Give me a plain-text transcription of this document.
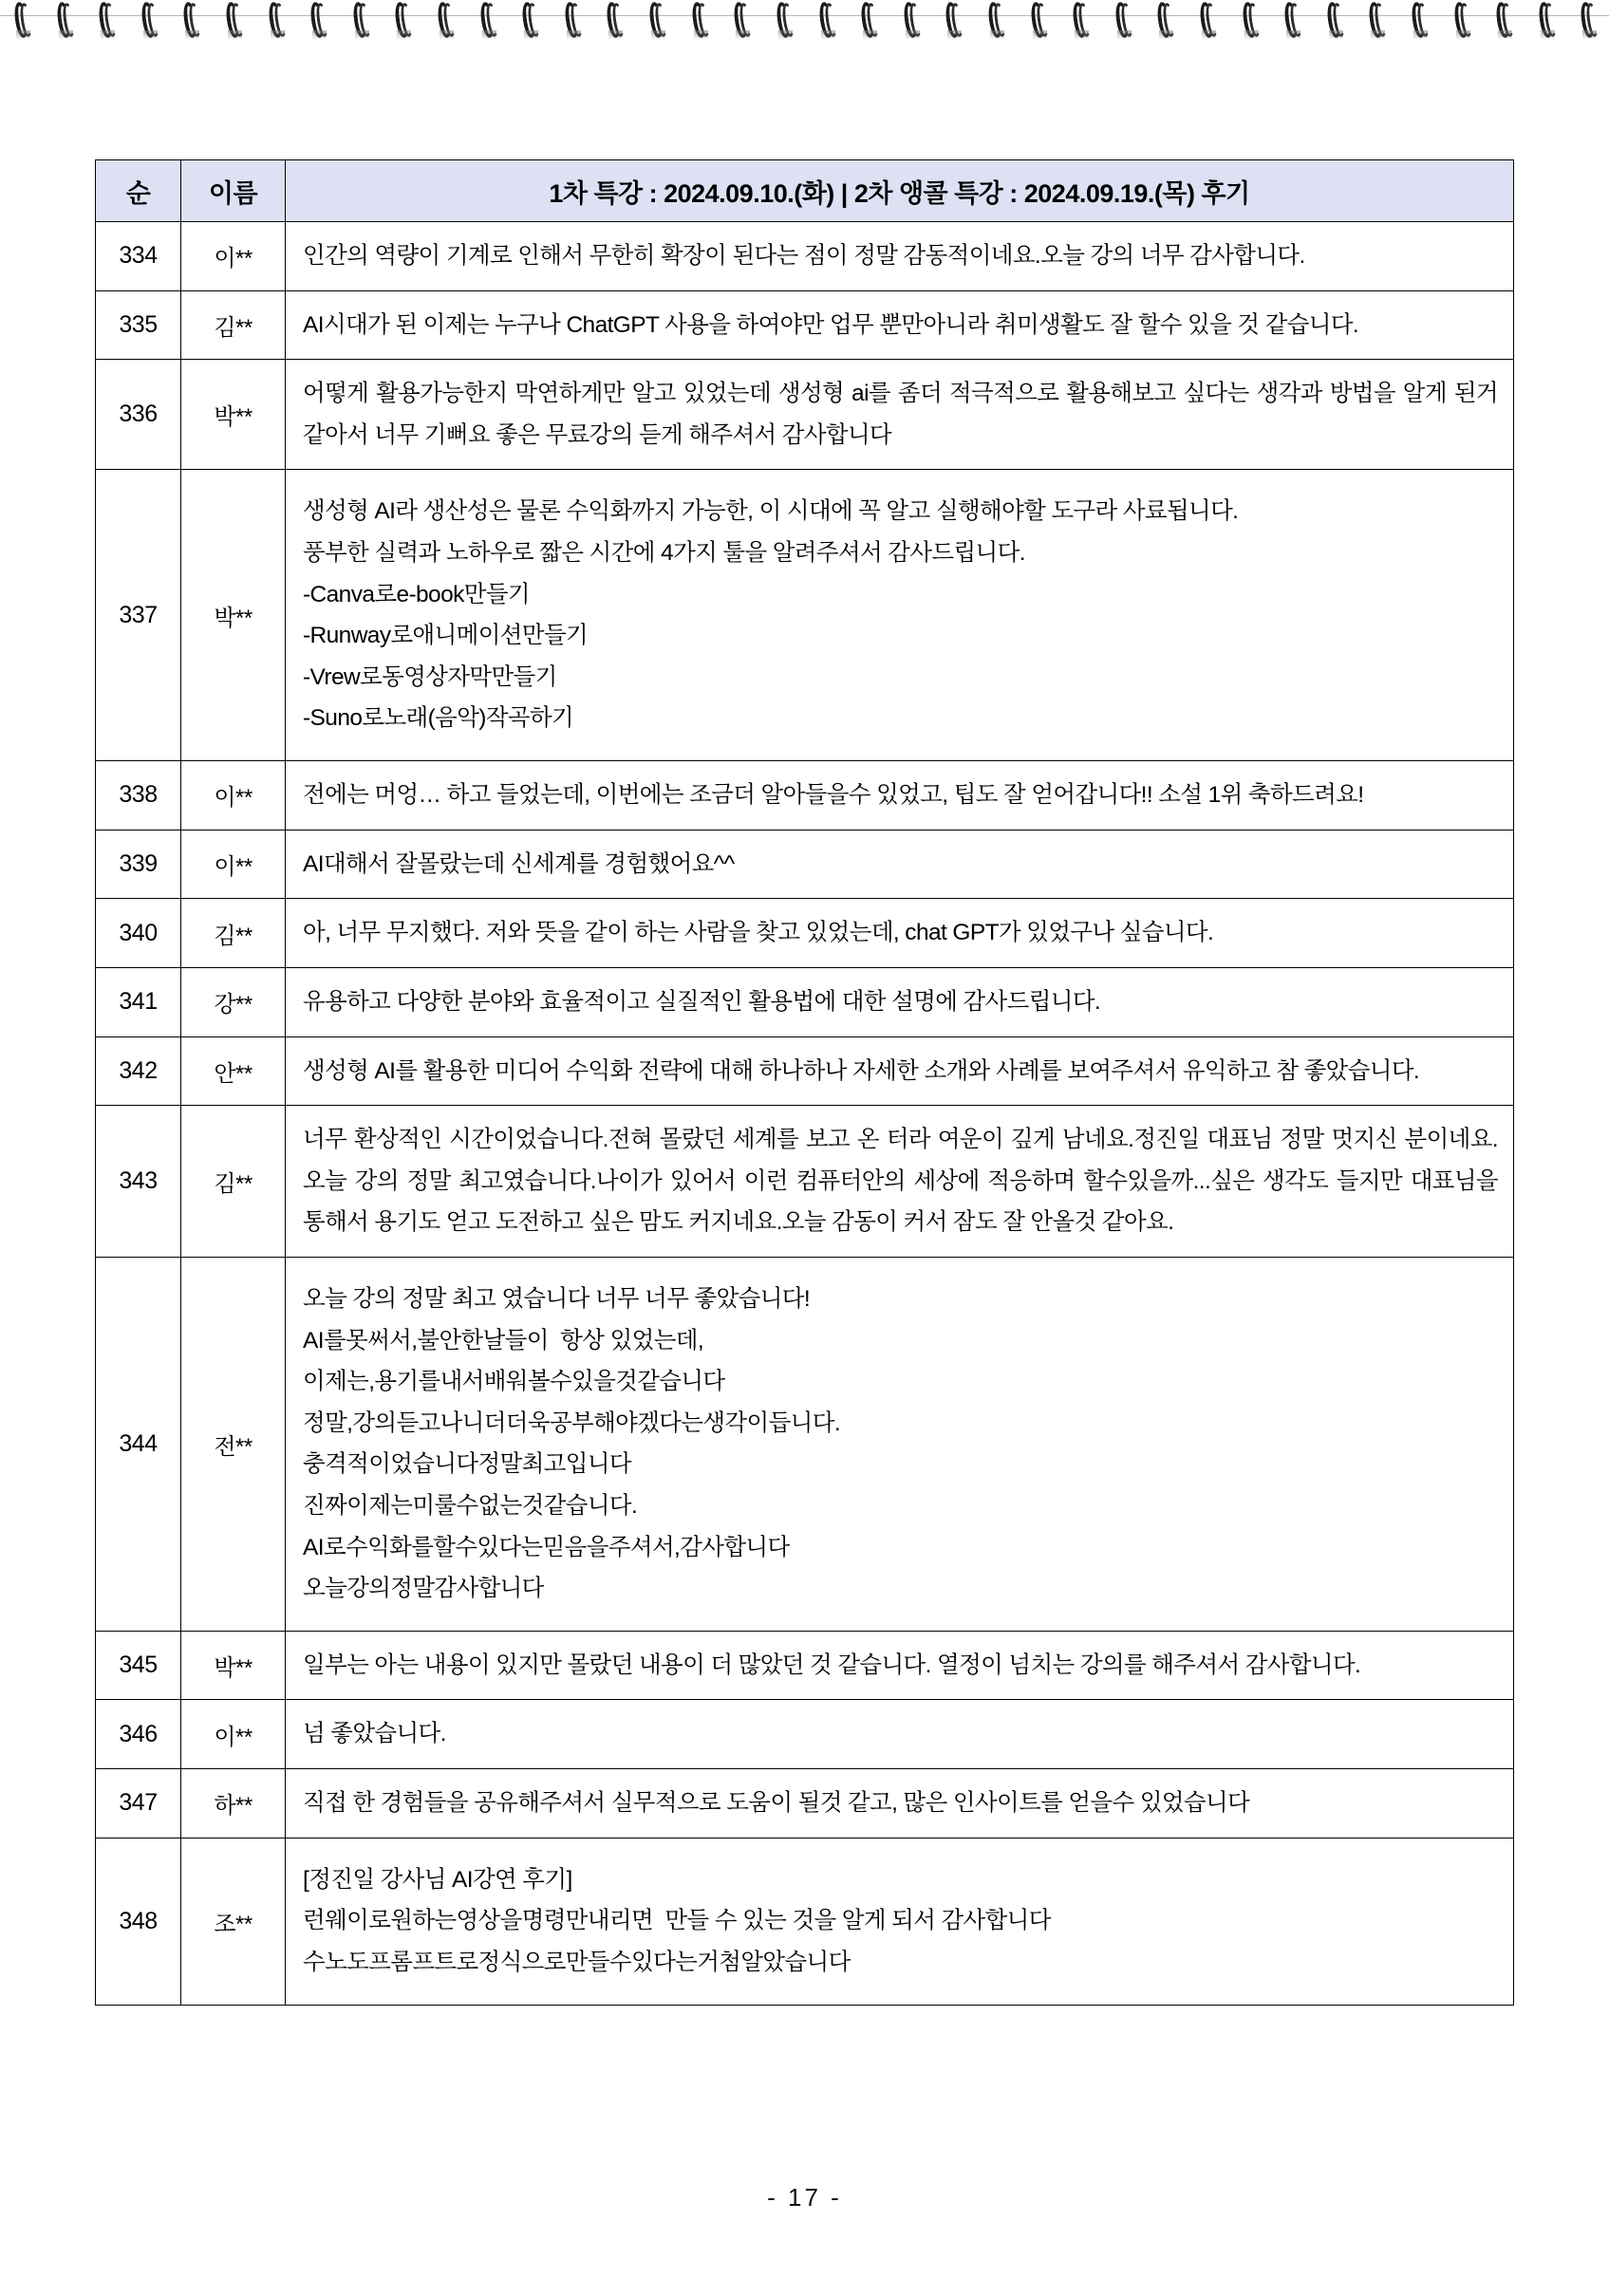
순	이름	1차 특강 : 2024.09.10.(화) | 2차 앵콜 특강 : 2024.09.19.(목) 후기
334	이**	인간의 역량이 기계로 인해서 무한히 확장이 된다는 점이 정말 감동적이네요.오늘 강의 너무 감사합니다.

335	김**	AI시대가 된 이제는 누구나 ChatGPT 사용을 하여야만 업무 뿐만아니라 취미생활도 잘 할수 있을 것 같습니다.

336	박**	어떻게 활용가능한지 막연하게만 알고 있었는데 생성형 ai를 좀더 적극적으로 활용해보고 싶다는 생각과 방법을 알게 된거 같아서 너무 기뻐요 좋은 무료강의 듣게 해주셔서 감사합니다

337	박**	
생성형 AI라 생산성은 물론 수익화까지 가능한, 이 시대에 꼭 알고 실행해야할 도구라 사료됩니다.
풍부한 실력과 노하우로 짧은 시간에 4가지 툴을 알려주셔서 감사드립니다.
-Canva로e-book만들기
-Runway로애니메이션만들기
-Vrew로동영상자막만들기
-Suno로노래(음악)작곡하기

338	이**	전에는 머엉… 하고 들었는데, 이번에는 조금더 알아들을수 있었고, 팁도 잘 얻어갑니다!! 소설 1위 축하드려요!

339	이**	AI대해서 잘몰랐는데 신세계를 경험했어요^^

340	김**	아, 너무 무지했다. 저와 뜻을 같이 하는 사람을 찾고 있었는데, chat GPT가 있었구나 싶습니다.

341	강**	유용하고 다양한 분야와 효율적이고 실질적인 활용법에 대한 설명에 감사드립니다.

342	안**	생성형 AI를 활용한 미디어 수익화 전략에 대해 하나하나 자세한 소개와 사례를 보여주셔서 유익하고 참 좋았습니다.

343	김**	너무 환상적인 시간이었습니다.전혀 몰랐던 세계를 보고 온 터라 여운이 깊게 남네요.정진일 대표님 정말 멋지신 분이네요.오늘 강의 정말 최고였습니다.나이가 있어서 이런 컴퓨터안의 세상에 적응하며 할수있을까...싶은 생각도 들지만 대표님을 통해서 용기도 얻고 도전하고 싶은 맘도 커지네요.오늘 감동이 커서 잠도 잘 안올것 같아요.

344	전**	
오늘 강의 정말 최고 였습니다 너무 너무 좋았습니다!
AI를못써서,불안한날들이  항상 있었는데,
이제는,용기를내서배워볼수있을것같습니다
정말,강의듣고나니더더욱공부해야겠다는생각이듭니다.
충격적이었습니다정말최고입니다
진짜이제는미룰수없는것같습니다.
AI로수익화를할수있다는믿음을주셔서,감사합니다
오늘강의정말감사합니다

345	박**	일부는 아는 내용이 있지만 몰랐던 내용이 더 많았던 것 같습니다. 열정이 넘치는 강의를 해주셔서 감사합니다.

346	이**	넘 좋았습니다.

347	하**	직접 한 경험들을 공유해주셔서 실무적으로 도움이 될것 같고, 많은 인사이트를 얻을수 있었습니다

348	조**	[정진일 강사님 AI강연 후기]
런웨이로원하는영상을명령만내리면  만들 수 있는 것을 알게 되서 감사합니다
수노도프롬프트로정식으로만들수있다는거첨알았습니다
- 17 -
